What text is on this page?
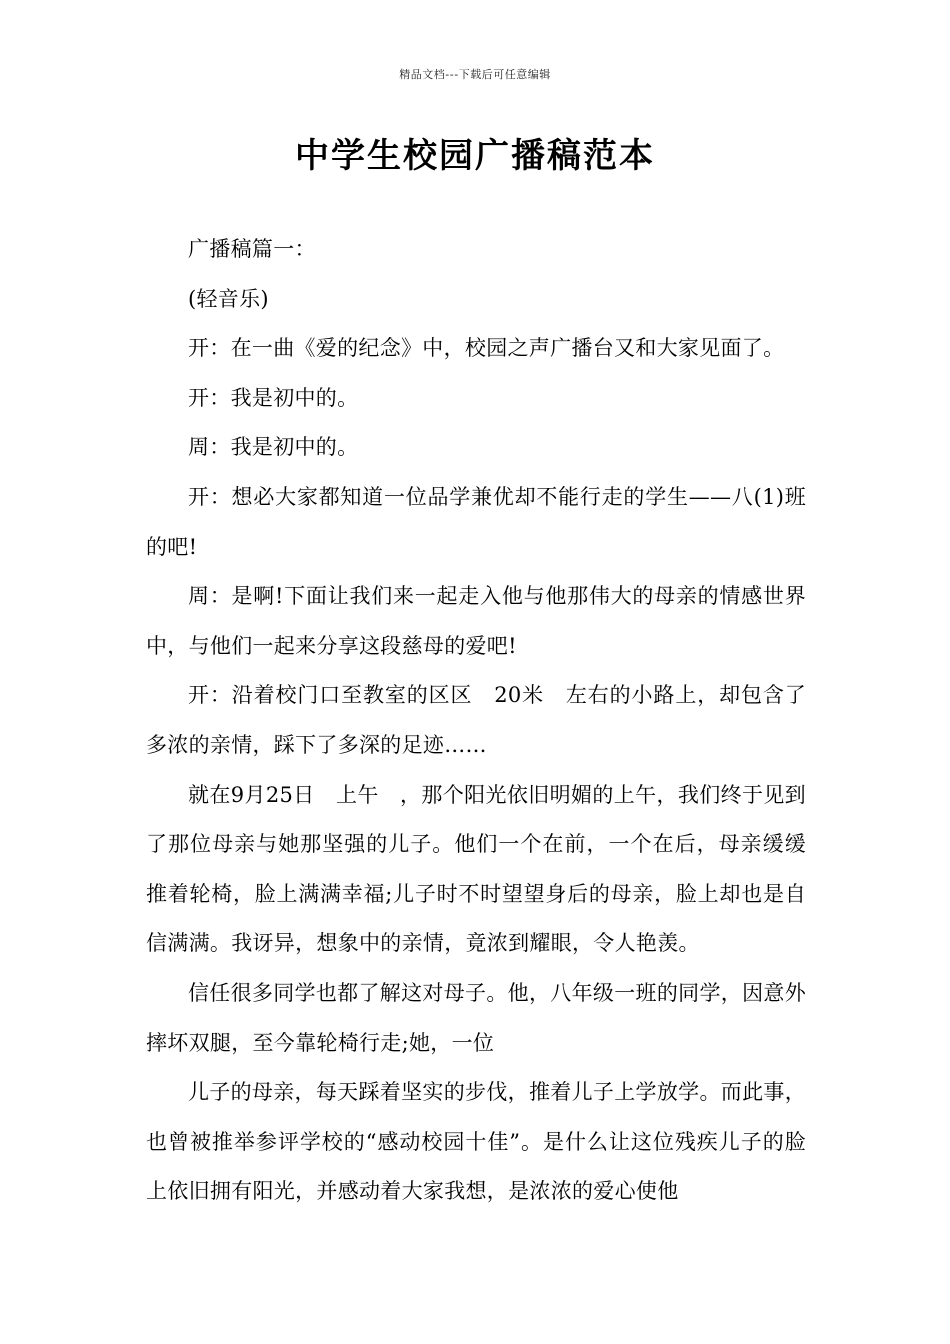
精品文档---下载后可任意编辑
中学生校园广播稿范本

广播稿篇一：

(轻音乐)

开：在一曲《爱的纪念》中，校园之声广播台又和大家见面了。

开：我是初中的。

周：我是初中的。

开：想必大家都知道一位品学兼优却不能行走的学生——八(1)班的吧!

周：是啊!下面让我们来一起走入他与他那伟大的母亲的情感世界中，与他们一起来分享这段慈母的爱吧!

开：沿着校门口至教室的区区　20米　左右的小路上，却包含了多浓的亲情，踩下了多深的足迹……

就在9月25日　上午　，那个阳光依旧明媚的上午，我们终于见到了那位母亲与她那坚强的儿子。他们一个在前，一个在后，母亲缓缓推着轮椅，脸上满满幸福;儿子时不时望望身后的母亲，脸上却也是自信满满。我讶异，想象中的亲情，竟浓到耀眼，令人艳羡。

信任很多同学也都了解这对母子。他，八年级一班的同学，因意外摔坏双腿，至今靠轮椅行走;她，一位

儿子的母亲，每天踩着坚实的步伐，推着儿子上学放学。而此事，也曾被推举参评学校的“感动校园十佳”。是什么让这位残疾儿子的脸上依旧拥有阳光，并感动着大家我想，是浓浓的爱心使他
